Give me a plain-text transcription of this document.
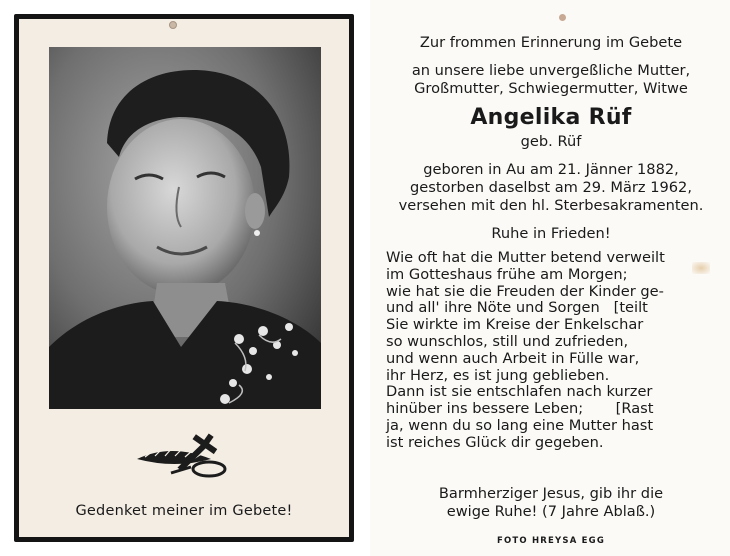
Gedenket meiner im Gebete!
Zur frommen Erinnerung im Gebete
an unsere liebe unvergeßliche Mutter,
Großmutter, Schwiegermutter, Witwe
Angelika Rüf
geb. Rüf
geboren in Au am 21. Jänner 1882,
gestorben daselbst am 29. März 1962,
versehen mit den hl. Sterbesakramenten.
Ruhe in Frieden!
Wie oft hat die Mutter betend verweilt
im Gotteshaus frühe am Morgen;
wie hat sie die Freuden der Kinder ge-
und all' ihre Nöte und Sorgen   [teilt
Sie wirkte im Kreise der Enkelschar
so wunschlos, still und zufrieden,
und wenn auch Arbeit in Fülle war,
ihr Herz, es ist jung geblieben.
Dann ist sie entschlafen nach kurzer
hinüber ins bessere Leben;       [Rast
ja, wenn du so lang eine Mutter hast
ist reiches Glück dir gegeben.
Barmherziger Jesus, gib ihr die
ewige Ruhe! (7 Jahre Ablaß.)
FOTO HREYSA EGG
